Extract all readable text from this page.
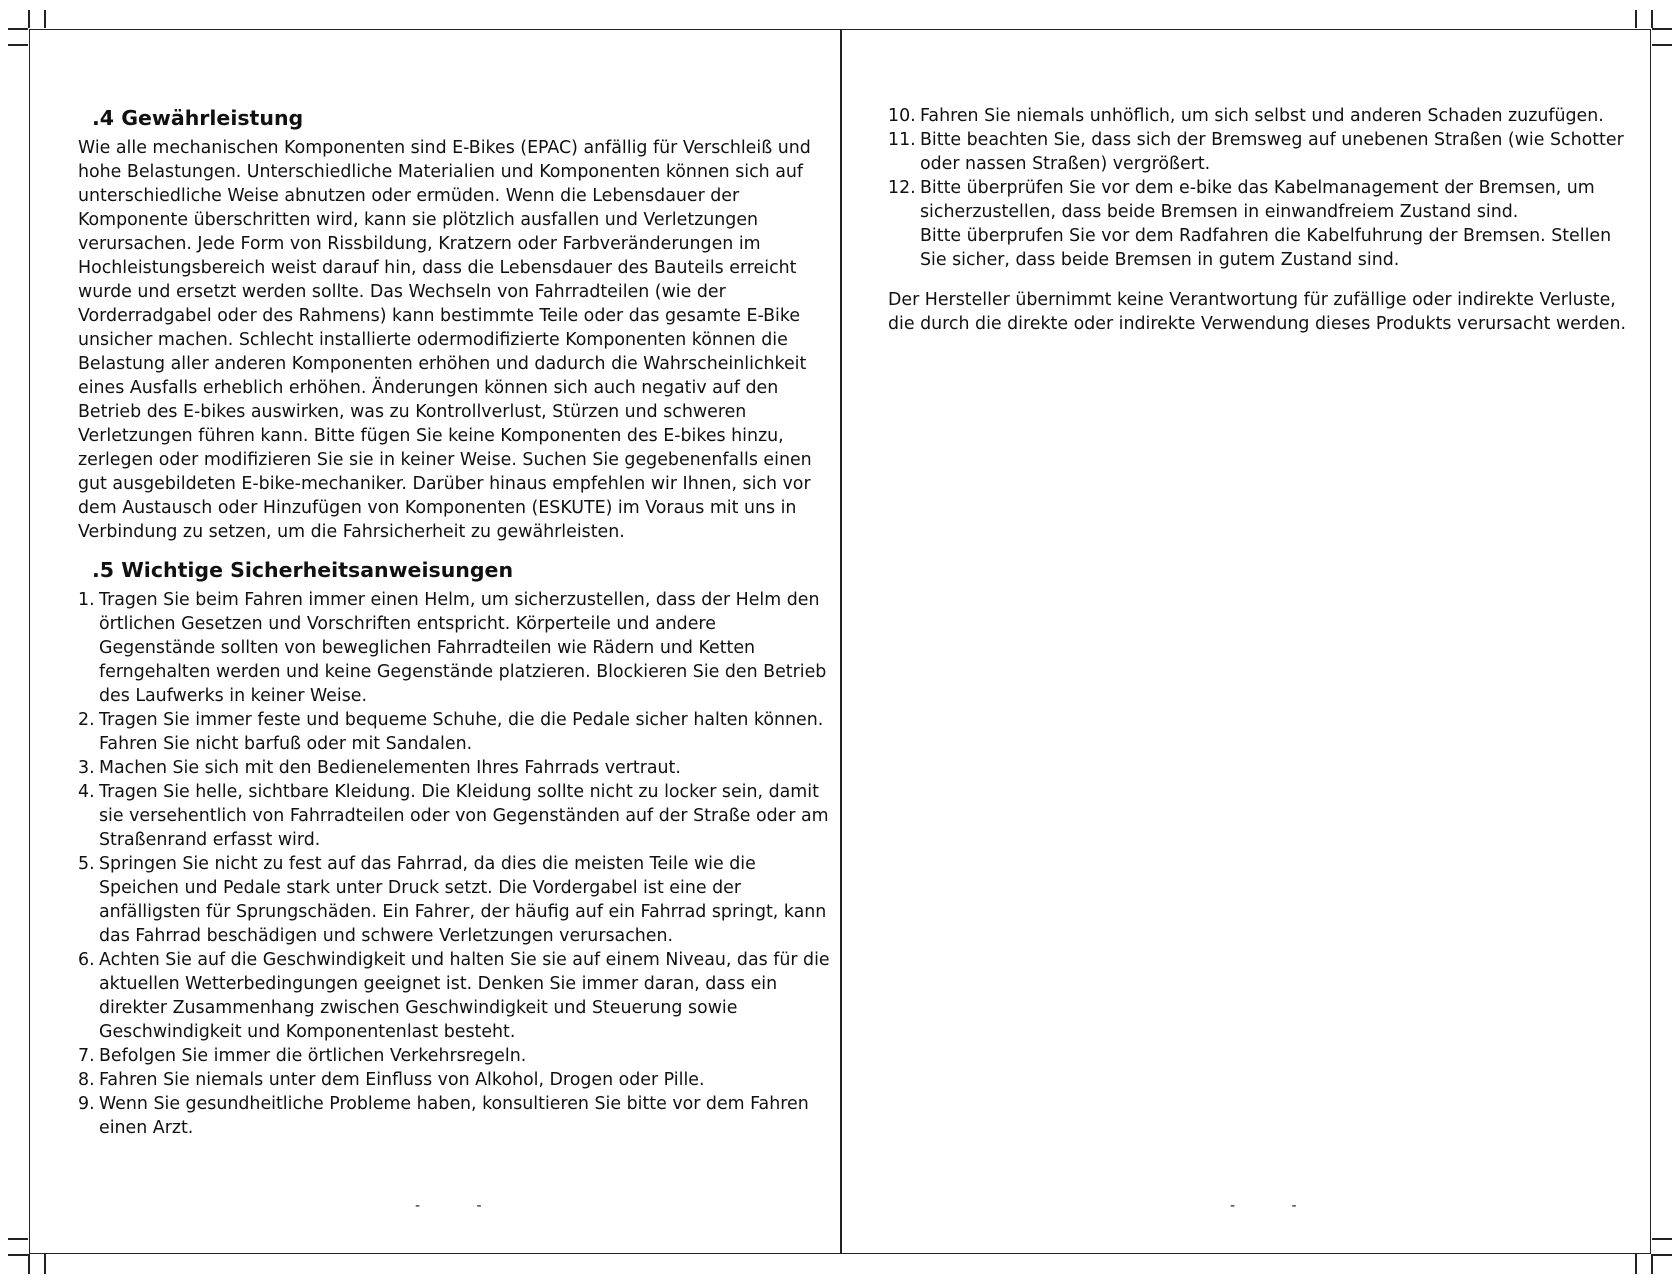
.4 Gewährleistung

Wie alle mechanischen Komponenten sind E-Bikes (EPAC) anfällig für Verschleiß und hohe Belastungen. Unterschiedliche Materialien und Komponenten können sich auf unterschiedliche Weise abnutzen oder ermüden. Wenn die Lebensdauer der Komponente überschritten wird, kann sie plötzlich ausfallen und Verletzungen verursachen. Jede Form von Rissbildung, Kratzern oder Farbveränderungen im Hochleistungsbereich weist darauf hin, dass die Lebensdauer des Bauteils erreicht wurde und ersetzt werden sollte. Das Wechseln von Fahrradteilen (wie der Vorderradgabel oder des Rahmens) kann bestimmte Teile oder das gesamte E-Bike unsicher machen. Schlecht installierte odermodifizierte Komponenten können die Belastung aller anderen Komponenten erhöhen und dadurch die Wahrscheinlichkeit eines Ausfalls erheblich erhöhen. Änderungen können sich auch negativ auf den Betrieb des E-bikes auswirken, was zu Kontrollverlust, Stürzen und schweren Verletzungen führen kann. Bitte fügen Sie keine Komponenten des E-bikes hinzu, zerlegen oder modifizieren Sie sie in keiner Weise. Suchen Sie gegebenenfalls einen gut ausgebildeten E-bike-mechaniker. Darüber hinaus empfehlen wir Ihnen, sich vor dem Austausch oder Hinzufügen von Komponenten (ESKUTE) im Voraus mit uns in Verbindung zu setzen, um die Fahrsicherheit zu gewährleisten.

.5 Wichtige Sicherheitsanweisungen
1. Tragen Sie beim Fahren immer einen Helm, um sicherzustellen, dass der Helm den örtlichen Gesetzen und Vorschriften entspricht. Körperteile und andere Gegenstände sollten von beweglichen Fahrradteilen wie Rädern und Ketten ferngehalten werden und keine Gegenstände platzieren. Blockieren Sie den Betrieb des Laufwerks in keiner Weise.
2. Tragen Sie immer feste und bequeme Schuhe, die die Pedale sicher halten können. Fahren Sie nicht barfuß oder mit Sandalen.
3. Machen Sie sich mit den Bedienelementen Ihres Fahrrads vertraut.
4. Tragen Sie helle, sichtbare Kleidung. Die Kleidung sollte nicht zu locker sein, damit sie versehentlich von Fahrradteilen oder von Gegenständen auf der Straße oder am Straßenrand erfasst wird.
5. Springen Sie nicht zu fest auf das Fahrrad, da dies die meisten Teile wie die Speichen und Pedale stark unter Druck setzt. Die Vordergabel ist eine der anfälligsten für Sprungschäden. Ein Fahrer, der häufig auf ein Fahrrad springt, kann das Fahrrad beschädigen und schwere Verletzungen verursachen.
6. Achten Sie auf die Geschwindigkeit und halten Sie sie auf einem Niveau, das für die aktuellen Wetterbedingungen geeignet ist. Denken Sie immer daran, dass ein direkter Zusammenhang zwischen Geschwindigkeit und Steuerung sowie Geschwindigkeit und Komponentenlast besteht.
7. Befolgen Sie immer die örtlichen Verkehrsregeln.
8. Fahren Sie niemals unter dem Einfluss von Alkohol, Drogen oder Pille.
9. Wenn Sie gesundheitliche Probleme haben, konsultieren Sie bitte vor dem Fahren einen Arzt.
- -
10. Fahren Sie niemals unhöflich, um sich selbst und anderen Schaden zuzufügen.
11. Bitte beachten Sie, dass sich der Bremsweg auf unebenen Straßen (wie Schotter oder nassen Straßen) vergrößert.
12. Bitte überprüfen Sie vor dem e-bike das Kabelmanagement der Bremsen, um sicherzustellen, dass beide Bremsen in einwandfreiem Zustand sind.

Bitte überprufen Sie vor dem Radfahren die Kabelfuhrung der Bremsen. Stellen Sie sicher, dass beide Bremsen in gutem Zustand sind.

Der Hersteller übernimmt keine Verantwortung für zufällige oder indirekte Verluste, die durch die direkte oder indirekte Verwendung dieses Produkts verursacht werden.

- -
